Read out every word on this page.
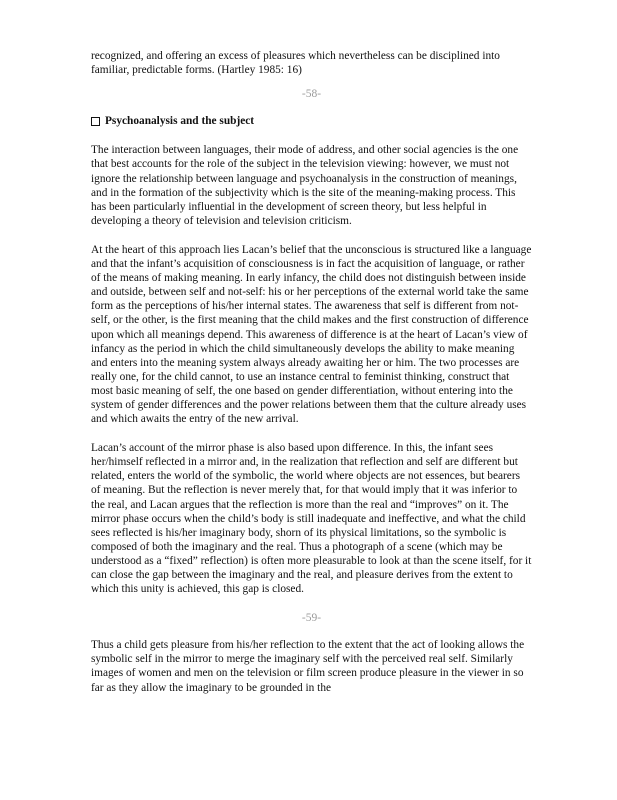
recognized, and offering an excess of pleasures which nevertheless can be disciplined into familiar, predictable forms. (Hartley 1985: 16)

-58-
Psychoanalysis and the subject

The interaction between languages, their mode of address, and other social agencies is the one that best accounts for the role of the subject in the television viewing: however, we must not ignore the relationship between language and psychoanalysis in the construction of meanings, and in the formation of the subjectivity which is the site of the meaning-making process. This has been particularly influential in the development of screen theory, but less helpful in developing a theory of television and television criticism.

At the heart of this approach lies Lacan’s belief that the unconscious is structured like a language and that the infant’s acquisition of consciousness is in fact the acquisition of language, or rather of the means of making meaning. In early infancy, the child does not distinguish between inside and outside, between self and not-self: his or her perceptions of the external world take the same form as the perceptions of his/her internal states. The awareness that self is different from not-self, or the other, is the first meaning that the child makes and the first construction of difference upon which all meanings depend. This awareness of difference is at the heart of Lacan’s view of infancy as the period in which the child simultaneously develops the ability to make meaning and enters into the meaning system always already awaiting her or him. The two processes are really one, for the child cannot, to use an instance central to feminist thinking, construct that most basic meaning of self, the one based on gender differentiation, without entering into the system of gender differences and the power relations between them that the culture already uses and which awaits the entry of the new arrival.

Lacan’s account of the mirror phase is also based upon difference. In this, the infant sees her/himself reflected in a mirror and, in the realization that reflection and self are different but related, enters the world of the symbolic, the world where objects are not essences, but bearers of meaning. But the reflection is never merely that, for that would imply that it was inferior to the real, and Lacan argues that the reflection is more than the real and “improves” on it. The mirror phase occurs when the child’s body is still inadequate and ineffective, and what the child sees reflected is his/her imaginary body, shorn of its physical limitations, so the symbolic is composed of both the imaginary and the real. Thus a photograph of a scene (which may be understood as a “fixed” reflection) is often more pleasurable to look at than the scene itself, for it can close the gap between the imaginary and the real, and pleasure derives from the extent to which this unity is achieved, this gap is closed.

-59-

Thus a child gets pleasure from his/her reflection to the extent that the act of looking allows the symbolic self in the mirror to merge the imaginary self with the perceived real self. Similarly images of women and men on the television or film screen produce pleasure in the viewer in so far as they allow the imaginary to be grounded in the
